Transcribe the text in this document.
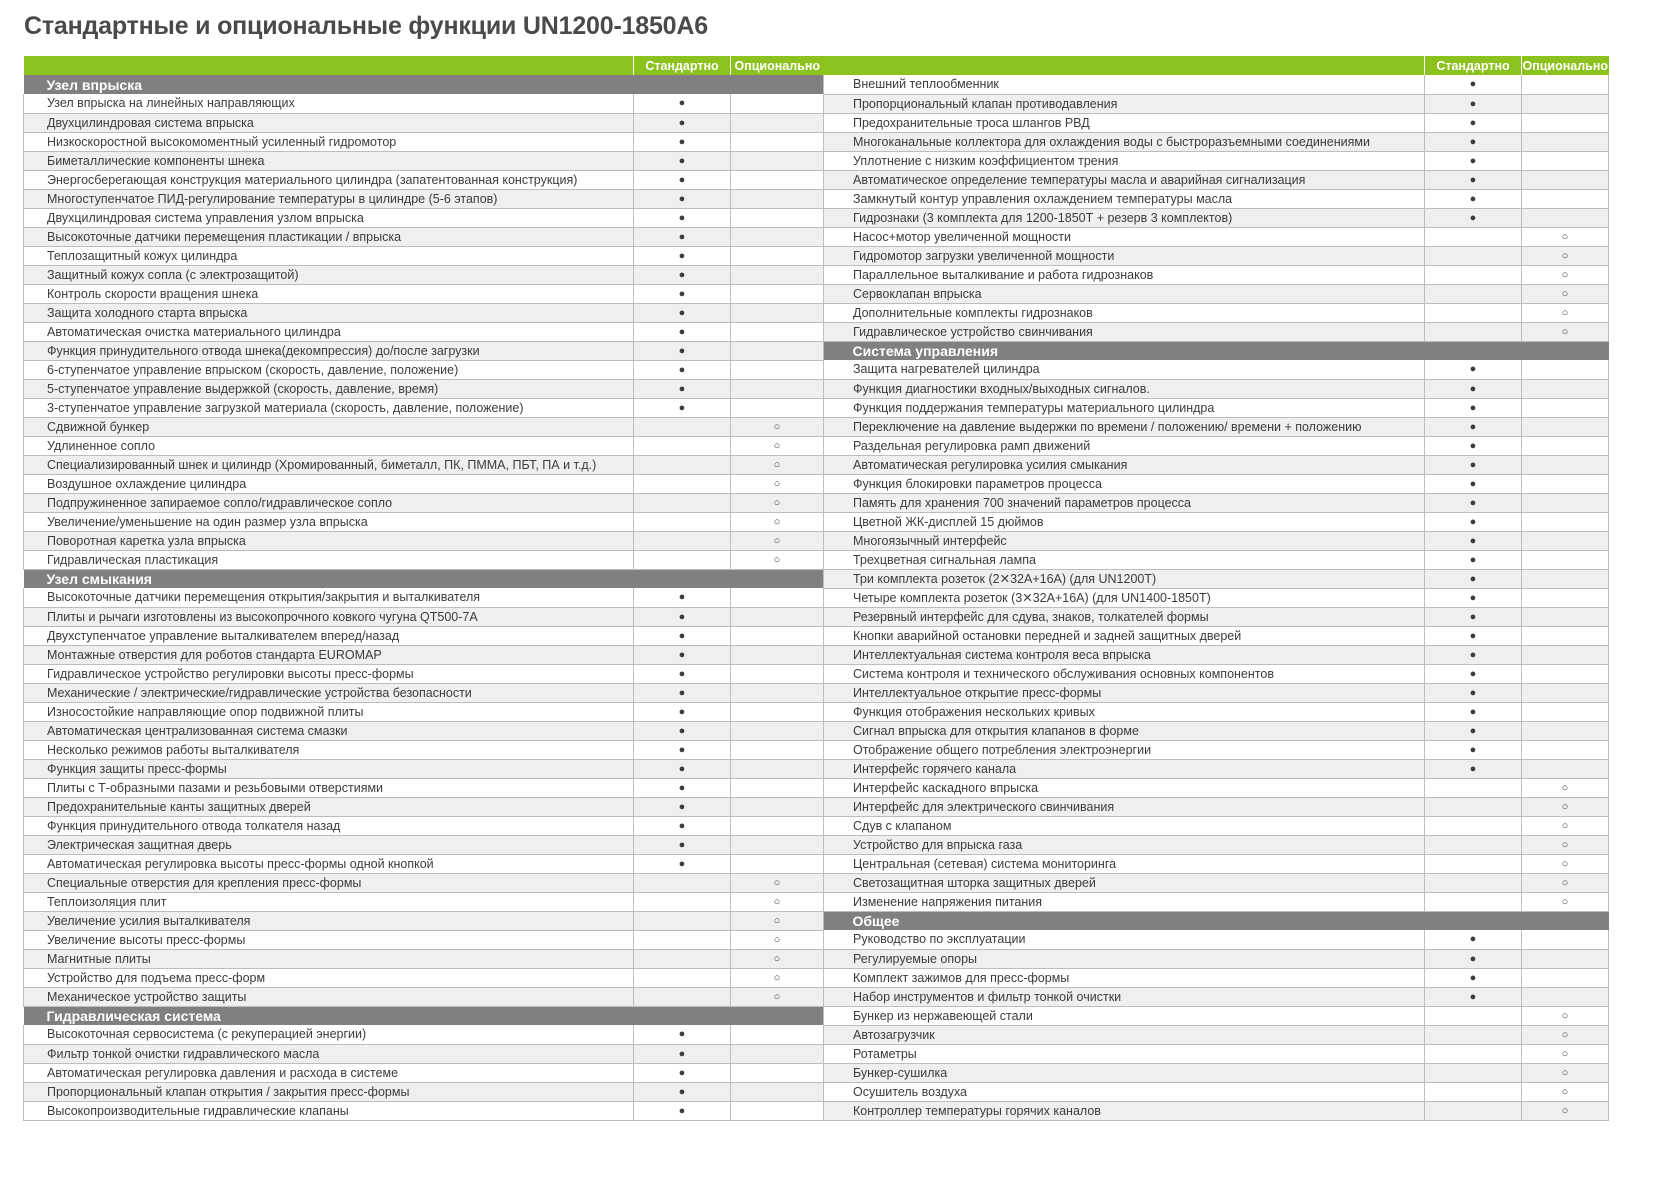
Стандартные и опциональные функции UN1200-1850A6
	Стандартно	Опционально
Узел впрыска		
Узел впрыска на линейных направляющих	●	
Двухцилиндровая система впрыска	●	
Низкоскоростной высокомоментный усиленный гидромотор	●	
Биметаллические компоненты шнека	●	
Энергосберегающая конструкция материального цилиндра (запатентованная конструкция)	●	
Многоступенчатое ПИД-регулирование температуры в цилиндре (5-6 этапов)	●	
Двухцилиндровая система управления узлом впрыска	●	
Высокоточные датчики перемещения пластикации / впрыска	●	
Теплозащитный кожух цилиндра	●	
Защитный кожух сопла (с электрозащитой)	●	
Контроль скорости вращения шнека	●	
Защита холодного старта впрыска	●	
Автоматическая очистка материального цилиндра	●	
Функция принудительного отвода шнека(декомпрессия) до/после загрузки	●	
6-ступенчатое управление впрыском (скорость, давление, положение)	●	
5-ступенчатое управление выдержкой (скорость, давление, время)	●	
3-ступенчатое управление загрузкой материала (скорость, давление, положение)	●	
Сдвижной бункер		○
Удлиненное сопло		○
Специализированный шнек и цилиндр (Хромированный, биметалл, ПК, ПММА, ПБТ, ПА и т.д.)		○
Воздушное охлаждение цилиндра		○
Подпружиненное запираемое сопло/гидравлическое сопло		○
Увеличение/уменьшение на один размер узла впрыска		○
Поворотная каретка узла впрыска		○
Гидравлическая пластикация		○
Узел смыкания		
Высокоточные датчики перемещения открытия/закрытия и выталкивателя	●	
Плиты и рычаги изготовлены из высокопрочного ковкого чугуна QT500-7A	●	
Двухступенчатое управление выталкивателем вперед/назад	●	
Монтажные отверстия для роботов стандарта EUROMAP	●	
Гидравлическое устройство регулировки высоты пресс-формы	●	
Механические / электрические/гидравлические устройства безопасности	●	
Износостойкие направляющие опор подвижной плиты	●	
Автоматическая централизованная система смазки	●	
Несколько режимов работы выталкивателя	●	
Функция защиты пресс-формы	●	
Плиты с Т-образными пазами и резьбовыми отверстиями	●	
Предохранительные канты защитных дверей	●	
Функция принудительного отвода толкателя назад	●	
Электрическая защитная дверь	●	
Автоматическая регулировка высоты пресс-формы одной кнопкой	●	
Специальные отверстия для крепления пресс-формы		○
Теплоизоляция плит		○
Увеличение усилия выталкивателя		○
Увеличение высоты пресс-формы		○
Магнитные плиты		○
Устройство для подъема пресс-форм		○
Механическое устройство защиты		○
Гидравлическая система		
Высокоточная сервосистема (с рекуперацией энергии)	●	
Фильтр тонкой очистки гидравлического масла	●	
Автоматическая регулировка давления и расхода в системе	●	
Пропорциональный клапан открытия / закрытия пресс-формы	●	
Высокопроизводительные гидравлические клапаны	●	
	Стандартно	Опционально
Внешний теплообменник	●	
Пропорциональный клапан противодавления	●	
Предохранительные троса шлангов РВД	●	
Многоканальные коллектора для охлаждения воды с быстроразъемными соединениями	●	
Уплотнение с низким коэффициентом трения	●	
Автоматическое определение температуры масла и аварийная сигнализация	●	
Замкнутый контур управления охлаждением температуры масла	●	
Гидрознаки (3 комплекта для 1200-1850Т + резерв 3 комплектов)	●	
Насос+мотор увеличенной мощности		○
Гидромотор загрузки увеличенной мощности		○
Параллельное выталкивание и работа гидрознаков		○
Сервоклапан впрыска		○
Дополнительные комплекты гидрознаков		○
Гидравлическое устройство свинчивания		○
Система управления		
Защита нагревателей цилиндра	●	
Функция диагностики входных/выходных сигналов.	●	
Функция поддержания температуры материального цилиндра	●	
Переключение на давление выдержки по времени / положению/ времени + положению	●	
Раздельная регулировка рамп движений	●	
Автоматическая регулировка усилия смыкания	●	
Функция блокировки параметров процесса	●	
Память для хранения 700 значений параметров процесса	●	
Цветной ЖК-дисплей 15 дюймов	●	
Многоязычный интерфейс	●	
Трехцветная сигнальная лампа	●	
Три комплекта розеток (2✕32А+16А) (для UN1200T)	●	
Четыре комплекта розеток (3✕32А+16А) (для UN1400-1850T)	●	
Резервный интерфейс для сдува, знаков, толкателей формы	●	
Кнопки аварийной остановки передней и задней защитных дверей	●	
Интеллектуальная система контроля веса впрыска	●	
Система контроля и технического обслуживания основных компонентов	●	
Интеллектуальное открытие пресс-формы	●	
Функция отображения нескольких кривых	●	
Сигнал впрыска для открытия клапанов в форме	●	
Отображение общего потребления электроэнергии	●	
Интерфейс горячего канала	●	
Интерфейс каскадного впрыска		○
Интерфейс для электрического свинчивания		○
Сдув с клапаном		○
Устройство для впрыска газа		○
Центральная (сетевая) система мониторинга		○
Светозащитная шторка защитных дверей		○
Изменение напряжения питания		○
Общее		
Руководство по эксплуатации	●	
Регулируемые опоры	●	
Комплект зажимов для пресс-формы	●	
Набор инструментов и фильтр тонкой очистки	●	
Бункер из нержавеющей стали		○
Автозагрузчик		○
Ротаметры		○
Бункер-сушилка		○
Осушитель воздуха		○
Контроллер температуры горячих каналов		○
